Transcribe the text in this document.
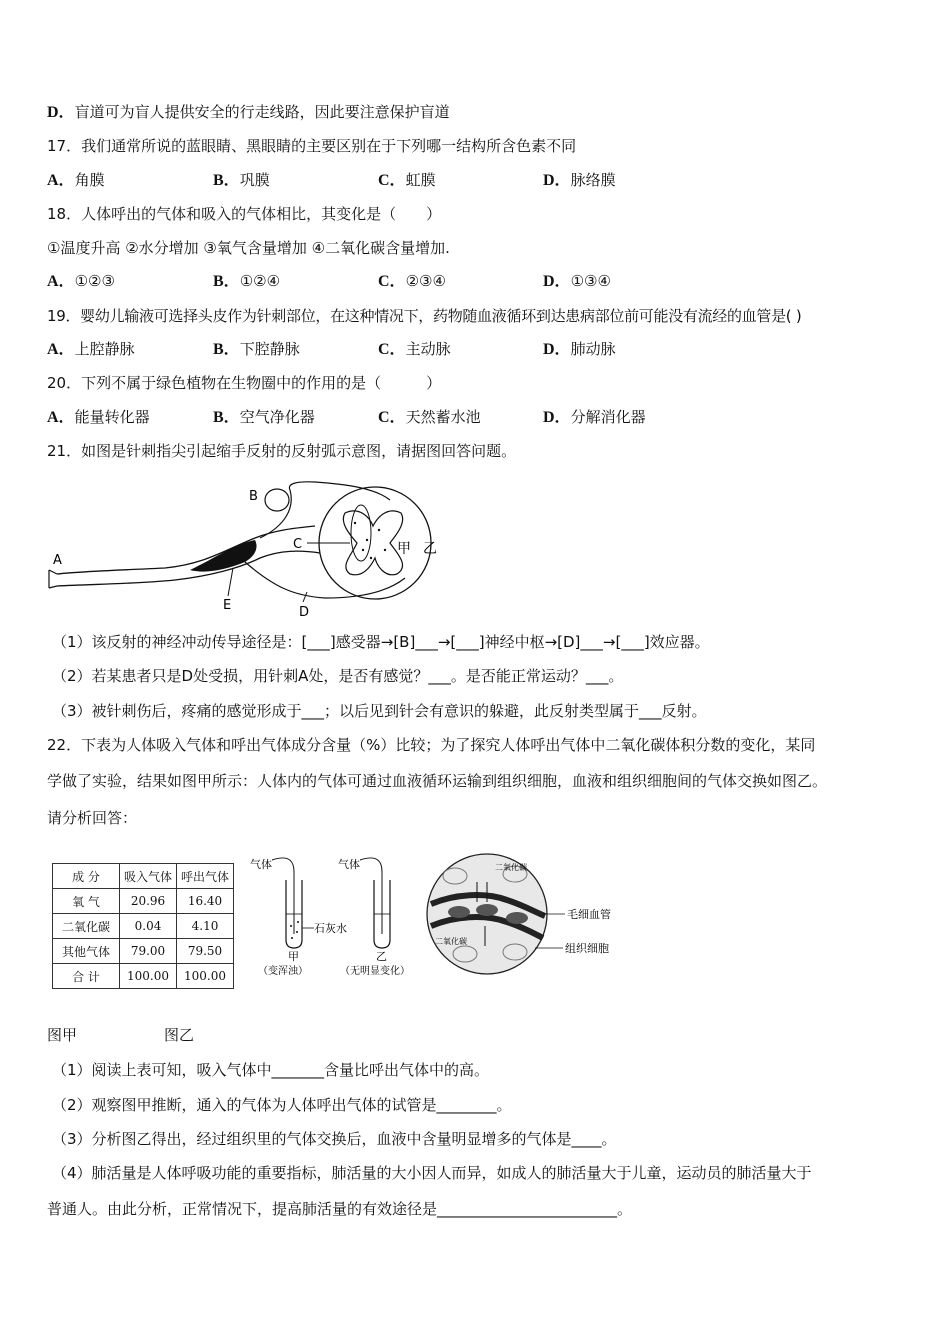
D．盲道可为盲人提供安全的行走线路，因此要注意保护盲道
17．我们通常所说的蓝眼睛、黑眼睛的主要区别在于下列哪一结构所含色素不同
A．角膜	B．巩膜	C．虹膜	D．脉络膜
18．人体呼出的气体和吸入的气体相比，其变化是（　　）
①温度升高 ②水分增加 ③氧气含量增加 ④二氧化碳含量增加.
A．①②③	B．①②④	C．②③④	D．①③④
19．婴幼儿输液可选择头皮作为针刺部位，在这种情况下，药物随血液循环到达患病部位前可能没有流经的血管是( )
A．上腔静脉	B．下腔静脉	C．主动脉	D．肺动脉
20．下列不属于绿色植物在生物圈中的作用的是（　　　）
A．能量转化器	B．空气净化器	C．天然蓄水池	D．分解消化器
21．如图是针刺指尖引起缩手反射的反射弧示意图，请据图回答问题。
A
B
C
D
E
甲 乙
（1）该反射的神经冲动传导途径是：[___]感受器→[B]___→[___]神经中枢→[D]___→[___]效应器。
（2）若某患者只是D处受损，用针刺A处，是否有感觉？___。是否能正常运动？___。
（3）被针刺伤后，疼痛的感觉形成于___；以后见到针会有意识的躲避，此反射类型属于___反射。
22．下表为人体吸入气体和呼出气体成分含量（%）比较；为了探究人体呼出气体中二氧化碳体积分数的变化，某同
学做了实验，结果如图甲所示：人体内的气体可通过血液循环运输到组织细胞，血液和组织细胞间的气体交换如图乙。
请分析回答：
成 分	吸入气体	呼出气体
氧 气	20.96	16.40
二氧化碳	0.04	4.10
其他气体	79.00	79.50
合 计	100.00	100.00
气体	气体
石灰水
甲
（变浑浊）
乙
（无明显变化）
二氧化碳
二氧化碳
毛细血管
组织细胞
图甲	图乙
（1）阅读上表可知，吸入气体中_______含量比呼出气体中的高。
（2）观察图甲推断，通入的气体为人体呼出气体的试管是________。
（3）分析图乙得出，经过组织里的气体交换后，血液中含量明显增多的气体是____。
（4）肺活量是人体呼吸功能的重要指标，肺活量的大小因人而异，如成人的肺活量大于儿童，运动员的肺活量大于
普通人。由此分析，正常情况下，提高肺活量的有效途径是________________________。
